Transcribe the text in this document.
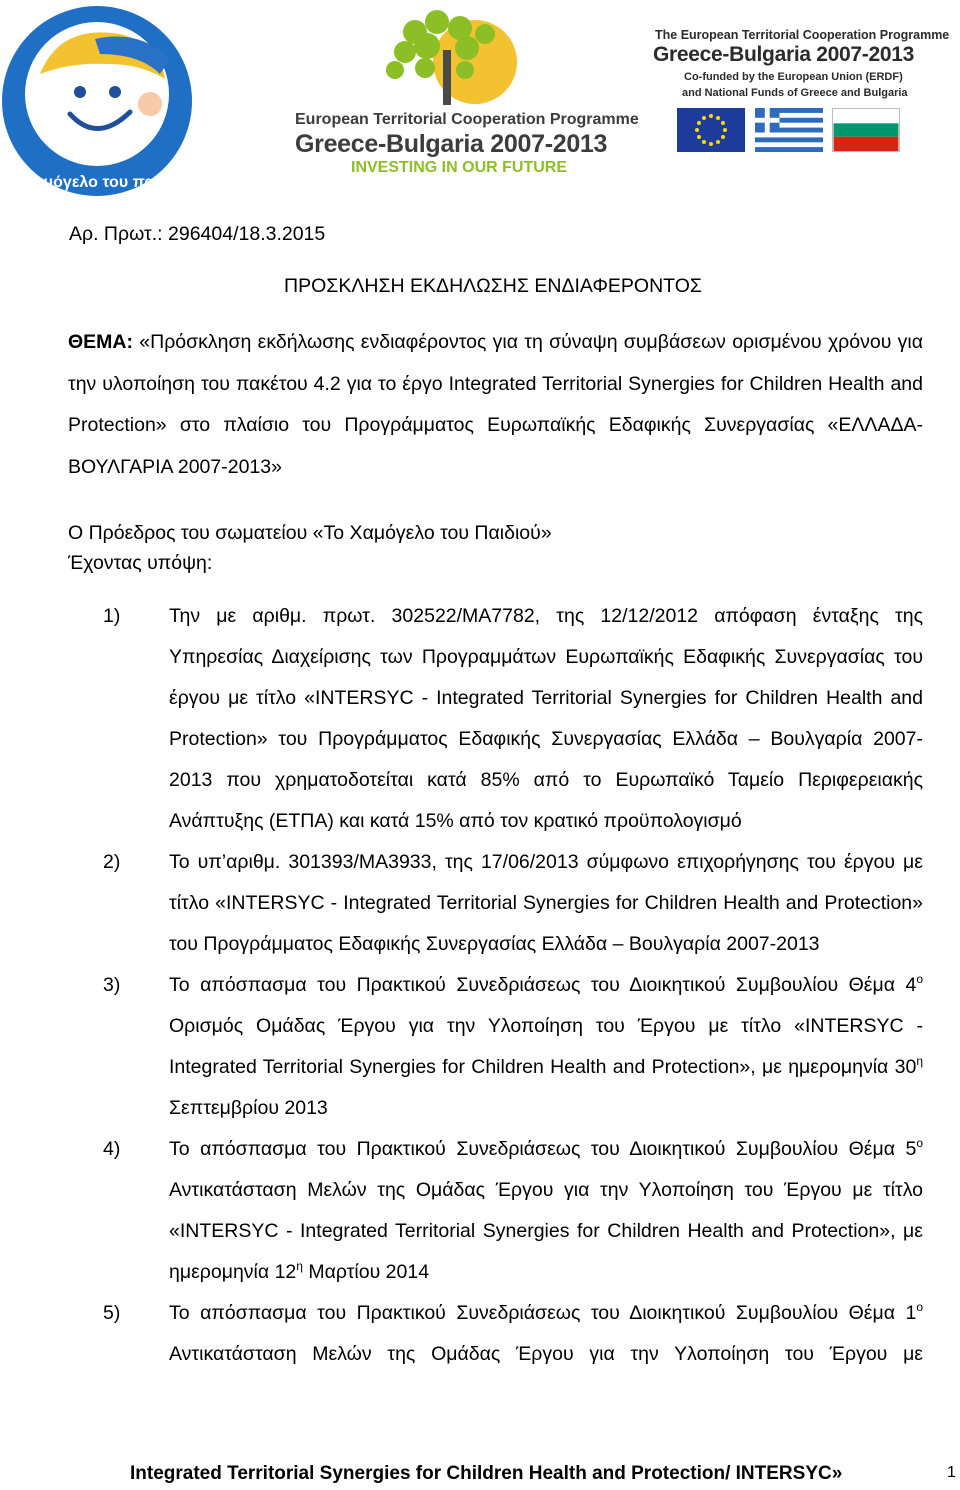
Το χαμόγελο του παιδιού
European Territorial Cooperation Programme
Greece-Bulgaria 2007-2013
INVESTING IN OUR FUTURE
The European Territorial Cooperation Programme
Greece-Bulgaria 2007-2013
Co-funded by the European Union (ERDF)
and National Funds of Greece and Bulgaria
Αρ. Πρωτ.: 296404/18.3.2015
ΠΡΟΣΚΛΗΣΗ ΕΚΔΗΛΩΣΗΣ ΕΝΔΙΑΦΕΡΟΝΤΟΣ
ΘΕΜΑ: «Πρόσκληση εκδήλωσης ενδιαφέροντος για τη σύναψη συμβάσεων ορισμένου χρόνου για την υλοποίηση του πακέτου 4.2 για το έργο Integrated Territorial Synergies for Children Health and Protection» στο πλαίσιο του Προγράμματος Ευρωπαϊκής Εδαφικής Συνεργασίας «ΕΛΛΑΔΑ-ΒΟΥΛΓΑΡΙΑ 2007-2013»
Ο Πρόεδρος του σωματείου «Το Χαμόγελο του Παιδιού»
Έχοντας υπόψη:
1) Την με αριθμ. πρωτ. 302522/ΜΑ7782, της 12/12/2012 απόφαση ένταξης της Υπηρεσίας Διαχείρισης των Προγραμμάτων Ευρωπαϊκής Εδαφικής Συνεργασίας του έργου με τίτλο «INTERSYC - Integrated Territorial Synergies for Children Health and Protection» του Προγράμματος Εδαφικής Συνεργασίας Ελλάδα – Βουλγαρία 2007-2013 που χρηματοδοτείται κατά 85% από το Ευρωπαϊκό Ταμείο Περιφερειακής Ανάπτυξης (ΕΤΠΑ) και κατά 15% από τον κρατικό προϋπολογισμό
2) Το υπ’αριθμ. 301393/ΜΑ3933, της 17/06/2013 σύμφωνο επιχορήγησης του έργου με τίτλο «INTERSYC - Integrated Territorial Synergies for Children Health and Protection» του Προγράμματος Εδαφικής Συνεργασίας Ελλάδα – Βουλγαρία 2007-2013
3) Το απόσπασμα του Πρακτικού Συνεδριάσεως του Διοικητικού Συμβουλίου Θέμα $4^o$ Ορισμός Ομάδας Έργου για την Υλοποίηση του Έργου με τίτλο «INTERSYC - Integrated Territorial Synergies for Children Health and Protection», με ημερομηνία $30^\eta$ Σεπτεμβρίου 2013
4) Το απόσπασμα του Πρακτικού Συνεδριάσεως του Διοικητικού Συμβουλίου Θέμα $5^o$ Αντικατάσταση Μελών της Ομάδας Έργου για την Υλοποίηση του Έργου με τίτλο «INTERSYC - Integrated Territorial Synergies for Children Health and Protection», με ημερομηνία $12^\eta$ Μαρτίου 2014
5) Το απόσπασμα του Πρακτικού Συνεδριάσεως του Διοικητικού Συμβουλίου Θέμα $1^o$ Αντικατάσταση Μελών της Ομάδας Έργου για την Υλοποίηση του Έργου με
Integrated Territorial Synergies for Children Health and Protection/ INTERSYC»	1
